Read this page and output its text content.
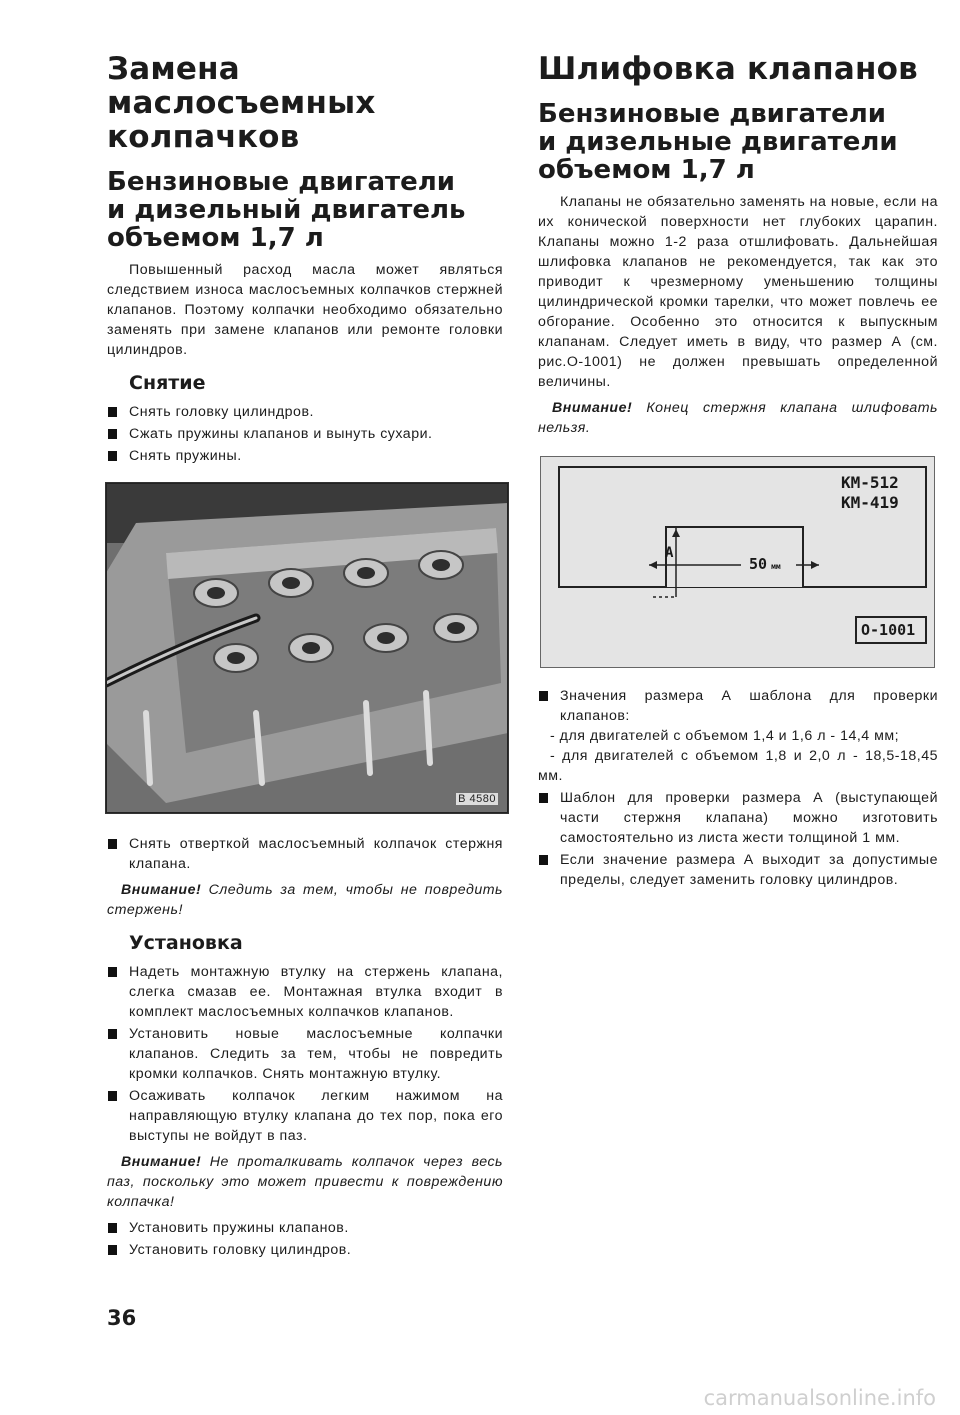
Замена маслосъемных колпачков
Бензиновые двигатели
и дизельный двигатель
объемом 1,7 л

Повышенный расход масла может являться следствием износа маслосъемных колпачков стержней клапанов. Поэтому колпачки необходимо обязательно заменять при замене клапанов или ремонте головки цилиндров.

Снятие
Снять головку цилиндров.
Сжать пружины клапанов и вынуть сухари.
Снять пружины.
B 4580
Снять отверткой маслосъемный колпачок стержня клапана.

Внимание! Следить за тем, чтобы не повредить стержень!

Установка
Надеть монтажную втулку на стержень клапана, слегка смазав ее. Монтажная втулка входит в комплект маслосъемных колпачков клапанов.
Установить новые маслосъемные колпачки клапанов. Следить за тем, чтобы не повредить кромки колпачков. Снять монтажную втулку.
Осаживать колпачок легким нажимом на направляющую втулку клапана до тех пор, пока его выступы не войдут в паз.

Внимание! Не проталкивать колпачок через весь паз, поскольку это может привести к повреждению колпачка!

Установить пружины клапанов.
Установить головку цилиндров.
Шлифовка клапанов
Бензиновые двигатели
и дизельные двигатели
объемом 1,7 л

Клапаны не обязательно заменять на новые, если на их конической поверхности нет глубоких царапин. Клапаны можно 1-2 раза отшлифовать. Дальнейшая шлифовка клапанов не рекомендуется, так как это приводит к чрезмерному уменьшению толщины цилиндрической кромки тарелки, что может повлечь ее обгорание. Особенно это относится к выпускным клапанам. Следует иметь в виду, что размер А (см. рис.О-1001) не должен превышать определенной величины.

Внимание! Конец стержня клапана шлифовать нельзя.

KM-512
KM-419
A
50 мм
O-1001
Значения размера А шаблона для проверки клапанов:
- для двигателей с объемом 1,4 и 1,6 л - 14,4 мм;
- для двигателей с объемом 1,8 и 2,0 л - 18,5-18,45 мм.
Шаблон для проверки размера А (выступающей части стержня клапана) можно изготовить самостоятельно из листа жести толщиной 1 мм.
Если значение размера А выходит за допустимые пределы, следует заменить головку цилиндров.
36
carmanualsonline.info
